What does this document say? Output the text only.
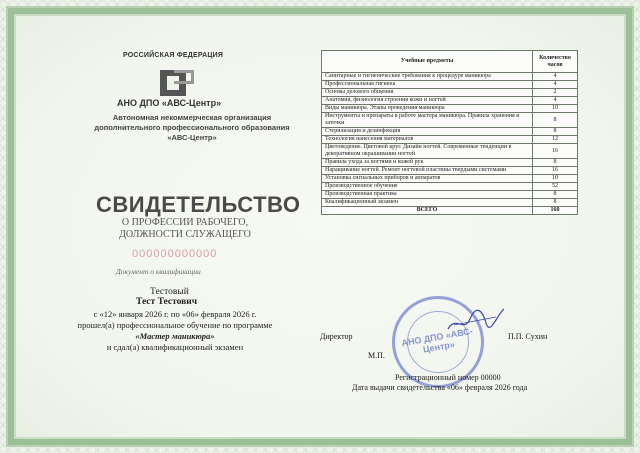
РОССИЙСКАЯ ФЕДЕРАЦИЯ
АНО ДПО «АВС-Центр»
Автономная некоммерческая организация дополнительного профессионального образования «АВС-Центр»
СВИДЕТЕЛЬСТВО
О ПРОФЕССИИ РАБОЧЕГО, ДОЛЖНОСТИ СЛУЖАЩЕГО
000000000000
Документ о квалификации
Тестовый
Тест Тестович
с «12» января 2026 г. по «06» февраля 2026 г.
прошел(а) профессиональное обучение по программе
«Мастер маникюра»
и сдал(а) квалификационный экзамен
Учебные предметы	Количество часов
Санитарные и гигиенические требования к процедуре маникюра	4
Профессиональная гигиена	4
Основы делового общения	2
Анатомия, физиология строения кожи и ногтей	4
Виды маникюра. Этапы проведения маникюра	10
Инструменты и препараты в работе мастера маникюра. Правила хранения и заточки	8
Стерилизация и дезинфекция	8
Технология нанесения материалов	12
Цветоведение. Цветовой круг. Дизайн ногтей. Современные тенденции в декоративном окрашивании ногтей	16
Правила ухода за ногтями и кожей рук	8
Наращивание ногтей. Ремонт ногтевой пластины твердыми системами	16
Установка сигнальных приборов и аппаратов	10
Производственное обучение	52
Производственная практика	8
Квалификационный экзамен	8
ВСЕГО	160
Директор	П.П. Сухин
М.П.
АНО ДПО «АВС-Центр»
Регистрационный номер 00000
Дата выдачи свидетельства «06» февраля 2026 года
